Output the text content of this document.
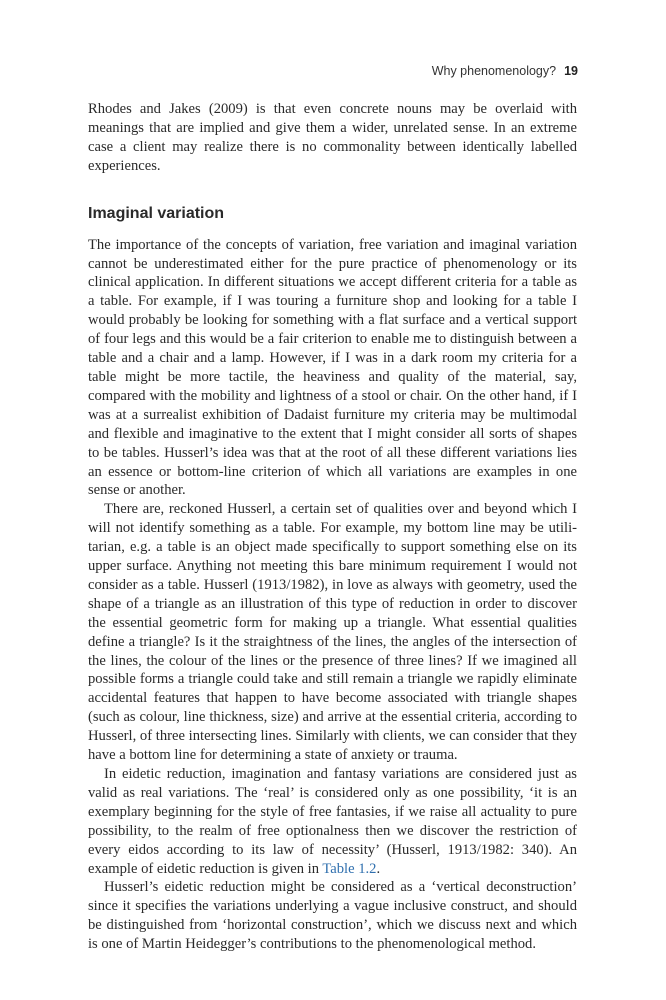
Why phenomenology? 19

Rhodes and Jakes (2009) is that even concrete nouns may be overlaid with meanings that are implied and give them a wider, unrelated sense. In an extreme case a client may realize there is no commonality between identically labelled experiences.

Imaginal variation

The importance of the concepts of variation, free variation and imaginal variation cannot be underestimated either for the pure practice of phenomenology or its clinical application. In different situations we accept different criteria for a table as a table. For example, if I was touring a furniture shop and looking for a table I would probably be looking for something with a flat surface and a vertical support of four legs and this would be a fair criterion to enable me to distinguish between a table and a chair and a lamp. However, if I was in a dark room my criteria for a table might be more tactile, the heaviness and quality of the material, say, compared with the mobility and lightness of a stool or chair. On the other hand, if I was at a surrealist exhibition of Dadaist furniture my criteria may be multimodal and flexible and imaginative to the extent that I might consider all sorts of shapes to be tables. Husserl’s idea was that at the root of all these different variations lies an essence or bottom-line criterion of which all variations are examples in one sense or another.

There are, reckoned Husserl, a certain set of qualities over and beyond which I will not identify something as a table. For example, my bottom line may be utilitarian, e.g. a table is an object made specifically to support something else on its upper surface. Anything not meeting this bare minimum requirement I would not consider as a table. Husserl (1913/1982), in love as always with geometry, used the shape of a triangle as an illustration of this type of reduction in order to discover the essential geometric form for making up a triangle. What essential qualities define a triangle? Is it the straightness of the lines, the angles of the intersection of the lines, the colour of the lines or the presence of three lines? If we imagined all possible forms a triangle could take and still remain a triangle we rapidly eliminate accidental features that happen to have become associated with triangle shapes (such as colour, line thickness, size) and arrive at the essential criteria, according to Husserl, of three intersecting lines. Similarly with clients, we can consider that they have a bottom line for determining a state of anxiety or trauma.

In eidetic reduction, imagination and fantasy variations are considered just as valid as real variations. The ‘real’ is considered only as one possibility, ‘it is an exemplary beginning for the style of free fantasies, if we raise all actuality to pure possibility, to the realm of free optionalness then we discover the restriction of every eidos according to its law of necessity’ (Husserl, 1913/1982: 340). An example of eidetic reduction is given in Table 1.2.

Husserl’s eidetic reduction might be considered as a ‘vertical deconstruction’ since it specifies the variations underlying a vague inclusive construct, and should be distinguished from ‘horizontal construction’, which we discuss next and which is one of Martin Heidegger’s contributions to the phenomenological method.
